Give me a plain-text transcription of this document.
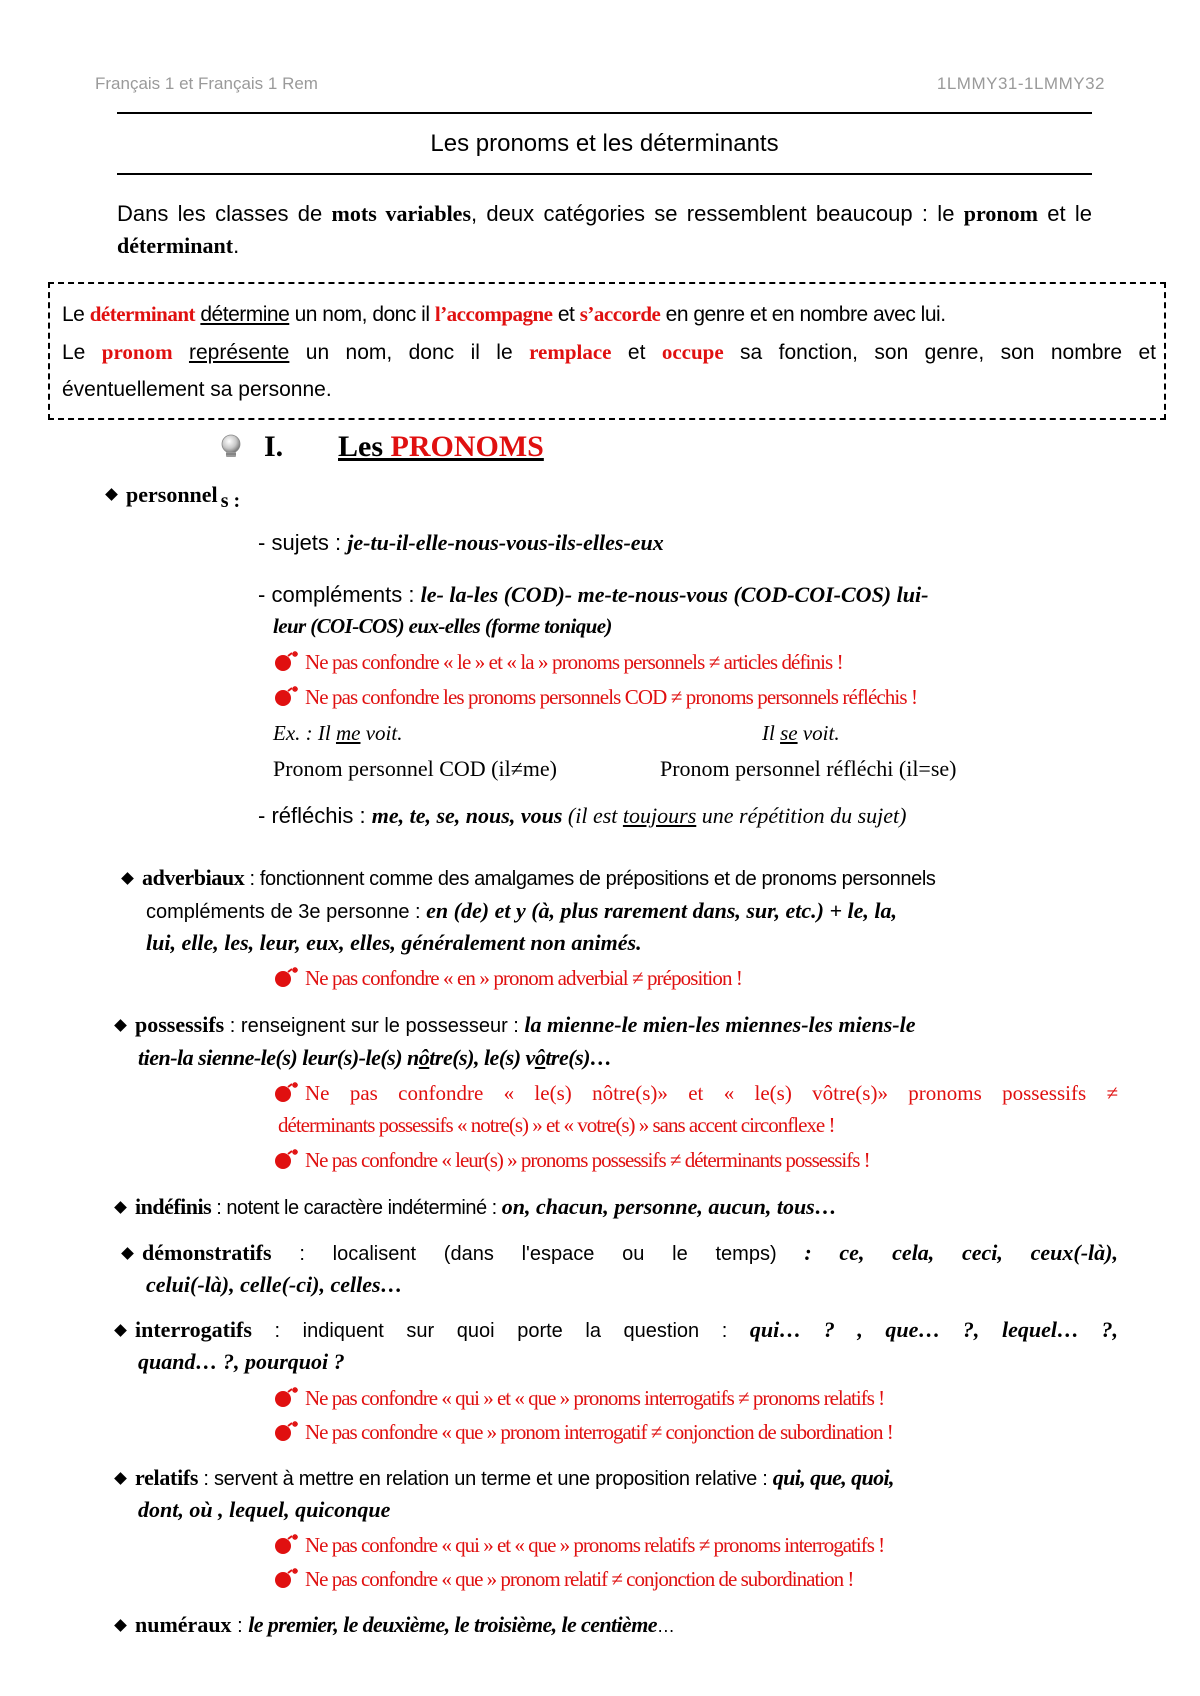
Français 1 et Français 1 Rem	1LMMY31-1LMMY32
Les pronoms et les déterminants
Dans les classes de mots variables, deux catégories se ressemblent beaucoup : le pronom et le déterminant.
Le déterminant détermine un nom, donc il l’accompagne et s’accorde en genre et en nombre avec lui.
Le pronom représente un nom, donc il le remplace et occupe sa fonction, son genre, son nombre et
éventuellement sa personne.
I. Les PRONOMS
personnel s :
- sujets : je-tu-il-elle-nous-vous-ils-elles-eux
- compléments : le- la-les (COD)- me-te-nous-vous (COD-COI-COS) lui-
leur (COI-COS) eux-elles (forme tonique)
Ne pas confondre « le » et « la » pronoms personnels ≠ articles définis !
Ne pas confondre les pronoms personnels COD ≠ pronoms personnels réfléchis !
Ex. : Il me voit.	Il se voit.
Pronom personnel COD (il≠me)	Pronom personnel réfléchi (il=se)
- réfléchis : me, te, se, nous, vous (il est toujours une répétition du sujet)
adverbiaux : fonctionnent comme des amalgames de prépositions et de pronoms personnels
compléments de 3e personne : en (de) et y (à, plus rarement dans, sur, etc.) + le, la,
lui, elle, les, leur, eux, elles, généralement non animés.
Ne pas confondre « en » pronom adverbial ≠ préposition !
possessifs : renseignent sur le possesseur : la mienne-le mien-les miennes-les miens-le
tien-la sienne-le(s) leur(s)-le(s) nôtre(s), le(s) vôtre(s)…
Ne pas confondre « le(s) nôtre(s)» et « le(s) vôtre(s)» pronoms possessifs ≠
déterminants possessifs « notre(s) » et « votre(s) » sans accent circonflexe !
Ne pas confondre « leur(s) » pronoms possessifs ≠ déterminants possessifs !
indéfinis : notent le caractère indéterminé : on, chacun, personne, aucun, tous…
démonstratifs : localisent (dans l'espace ou le temps) : ce, cela, ceci, ceux(-là),
celui(-là), celle(-ci), celles…
interrogatifs : indiquent sur quoi porte la question : qui… ? , que… ?, lequel… ?,
quand… ?, pourquoi ?
Ne pas confondre « qui » et « que » pronoms interrogatifs ≠ pronoms relatifs !
Ne pas confondre « que » pronom interrogatif ≠ conjonction de subordination !
relatifs : servent à mettre en relation un terme et une proposition relative : qui, que, quoi,
dont, où , lequel, quiconque
Ne pas confondre « qui » et « que » pronoms relatifs ≠ pronoms interrogatifs !
Ne pas confondre « que » pronom relatif ≠ conjonction de subordination !
numéraux : le premier, le deuxième, le troisième, le centième…
